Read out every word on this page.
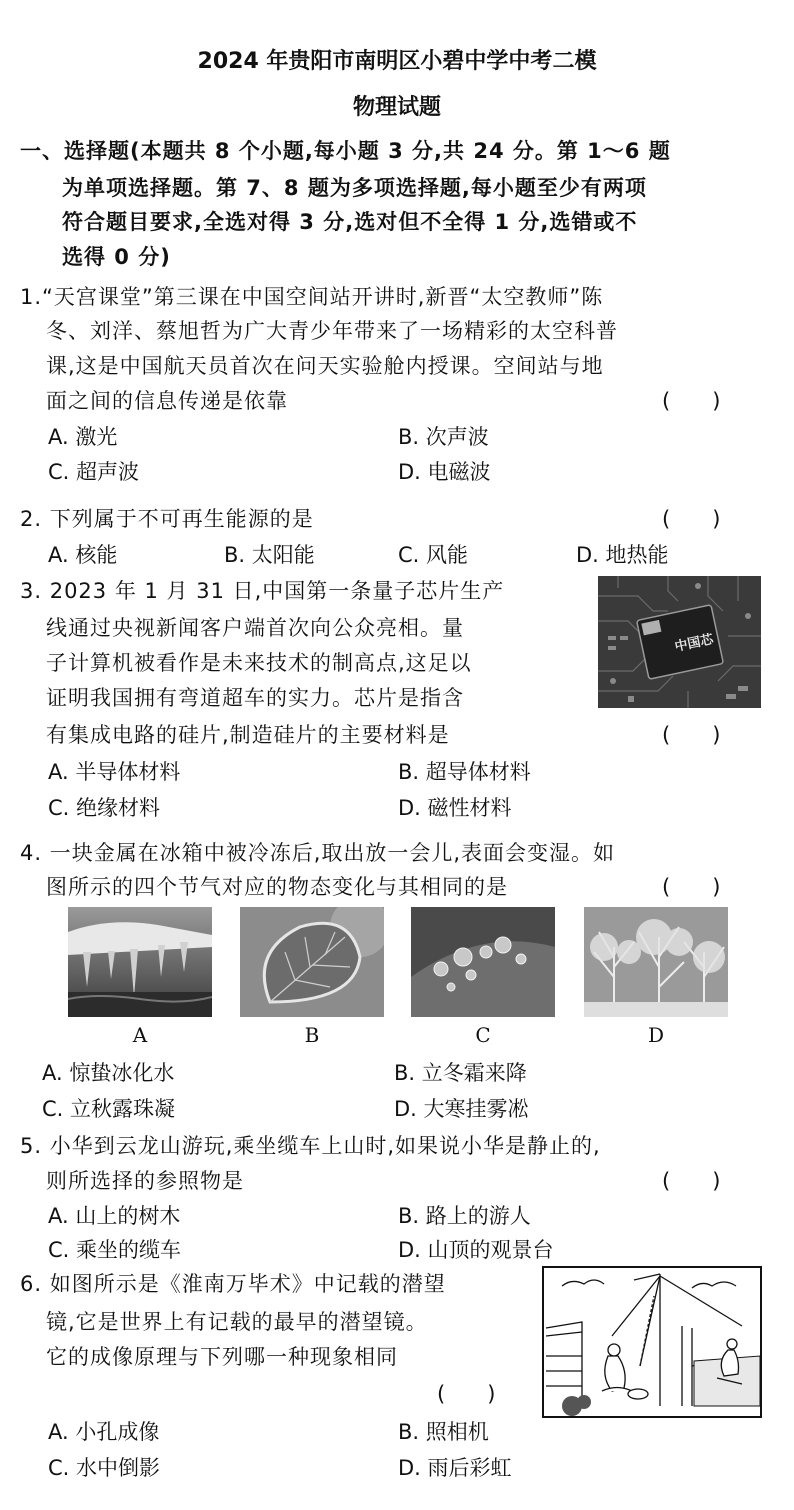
2024 年贵阳市南明区小碧中学中考二模
物理试题
一、选择题(本题共 8 个小题,每小题 3 分,共 24 分。第 1～6 题
为单项选择题。第 7、8 题为多项选择题,每小题至少有两项
符合题目要求,全选对得 3 分,选对但不全得 1 分,选错或不
选得 0 分)
1.“天宫课堂”第三课在中国空间站开讲时,新晋“太空教师”陈
冬、刘洋、蔡旭哲为广大青少年带来了一场精彩的太空科普
课,这是中国航天员首次在问天实验舱内授课。空间站与地
面之间的信息传递是依靠	(　　)
A. 激光	B. 次声波
C. 超声波	D. 电磁波
2. 下列属于不可再生能源的是	(　　)
A. 核能	B. 太阳能	C. 风能	D. 地热能
3. 2023 年 1 月 31 日,中国第一条量子芯片生产
线通过央视新闻客户端首次向公众亮相。量
子计算机被看作是未来技术的制高点,这足以
证明我国拥有弯道超车的实力。芯片是指含
有集成电路的硅片,制造硅片的主要材料是	(　　)
中国芯
A. 半导体材料	B. 超导体材料
C. 绝缘材料	D. 磁性材料
4. 一块金属在冰箱中被冷冻后,取出放一会儿,表面会变湿。如
图所示的四个节气对应的物态变化与其相同的是	(　　)
A	B	C	D
A. 惊蛰冰化水	B. 立冬霜来降
C. 立秋露珠凝	D. 大寒挂雾凇
5. 小华到云龙山游玩,乘坐缆车上山时,如果说小华是静止的,
则所选择的参照物是	(　　)
A. 山上的树木	B. 路上的游人
C. 乘坐的缆车	D. 山顶的观景台
6. 如图所示是《淮南万毕术》中记载的潜望
镜,它是世界上有记载的最早的潜望镜。
它的成像原理与下列哪一种现象相同
(　　)
A. 小孔成像	B. 照相机
C. 水中倒影	D. 雨后彩虹
